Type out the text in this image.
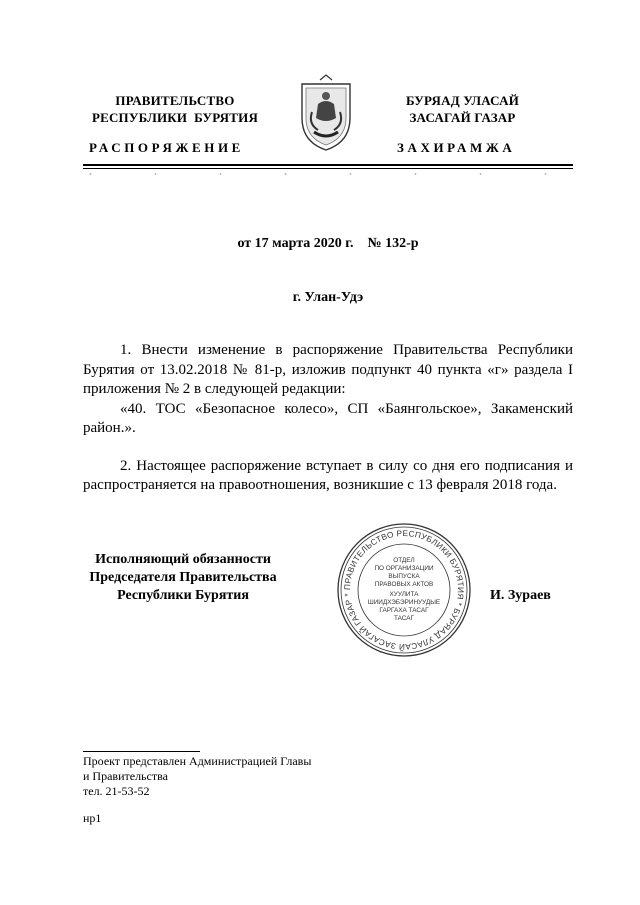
ПРАВИТЕЛЬСТВО
РЕСПУБЛИКИ  БУРЯТИЯ
БУРЯАД УЛАСАЙ
ЗАСАГАЙ ГАЗАР
РАСПОРЯЖЕНИЕ	ЗАХИРАМЖА
от 17 марта 2020 г.    № 132-р
г. Улан-Удэ
1. Внести изменение в распоряжение Правительства Республики Бурятия от 13.02.2018 № 81-р, изложив подпункт 40 пункта «г» раздела I приложения № 2 в следующей редакции:
«40. ТОС «Безопасное колесо», СП «Баянгольское», Закаменский район.».
2. Настоящее распоряжение вступает в силу со дня его подписания и распространяется на правоотношения, возникшие с 13 февраля 2018 года.
Исполняющий обязанности
Председателя Правительства
Республики Бурятия
ПРАВИТЕЛЬСТВО РЕСПУБЛИКИ БУРЯТИЯ * БУРЯАД УЛАСАЙ ЗАСАГАЙ ГАЗАР *
ОТДЕЛ
ПО ОРГАНИЗАЦИИ
ВЫПУСКА
ПРАВОВЫХ АКТОВ
ХУУЛИТА
ШИИДХЭБЭРИНУУДЫЕ
ГАРГАХА ТАСАГ
ТАСАГ
И. Зураев
Проект представлен Администрацией Главы
и Правительства
тел. 21-53-52
нр1
